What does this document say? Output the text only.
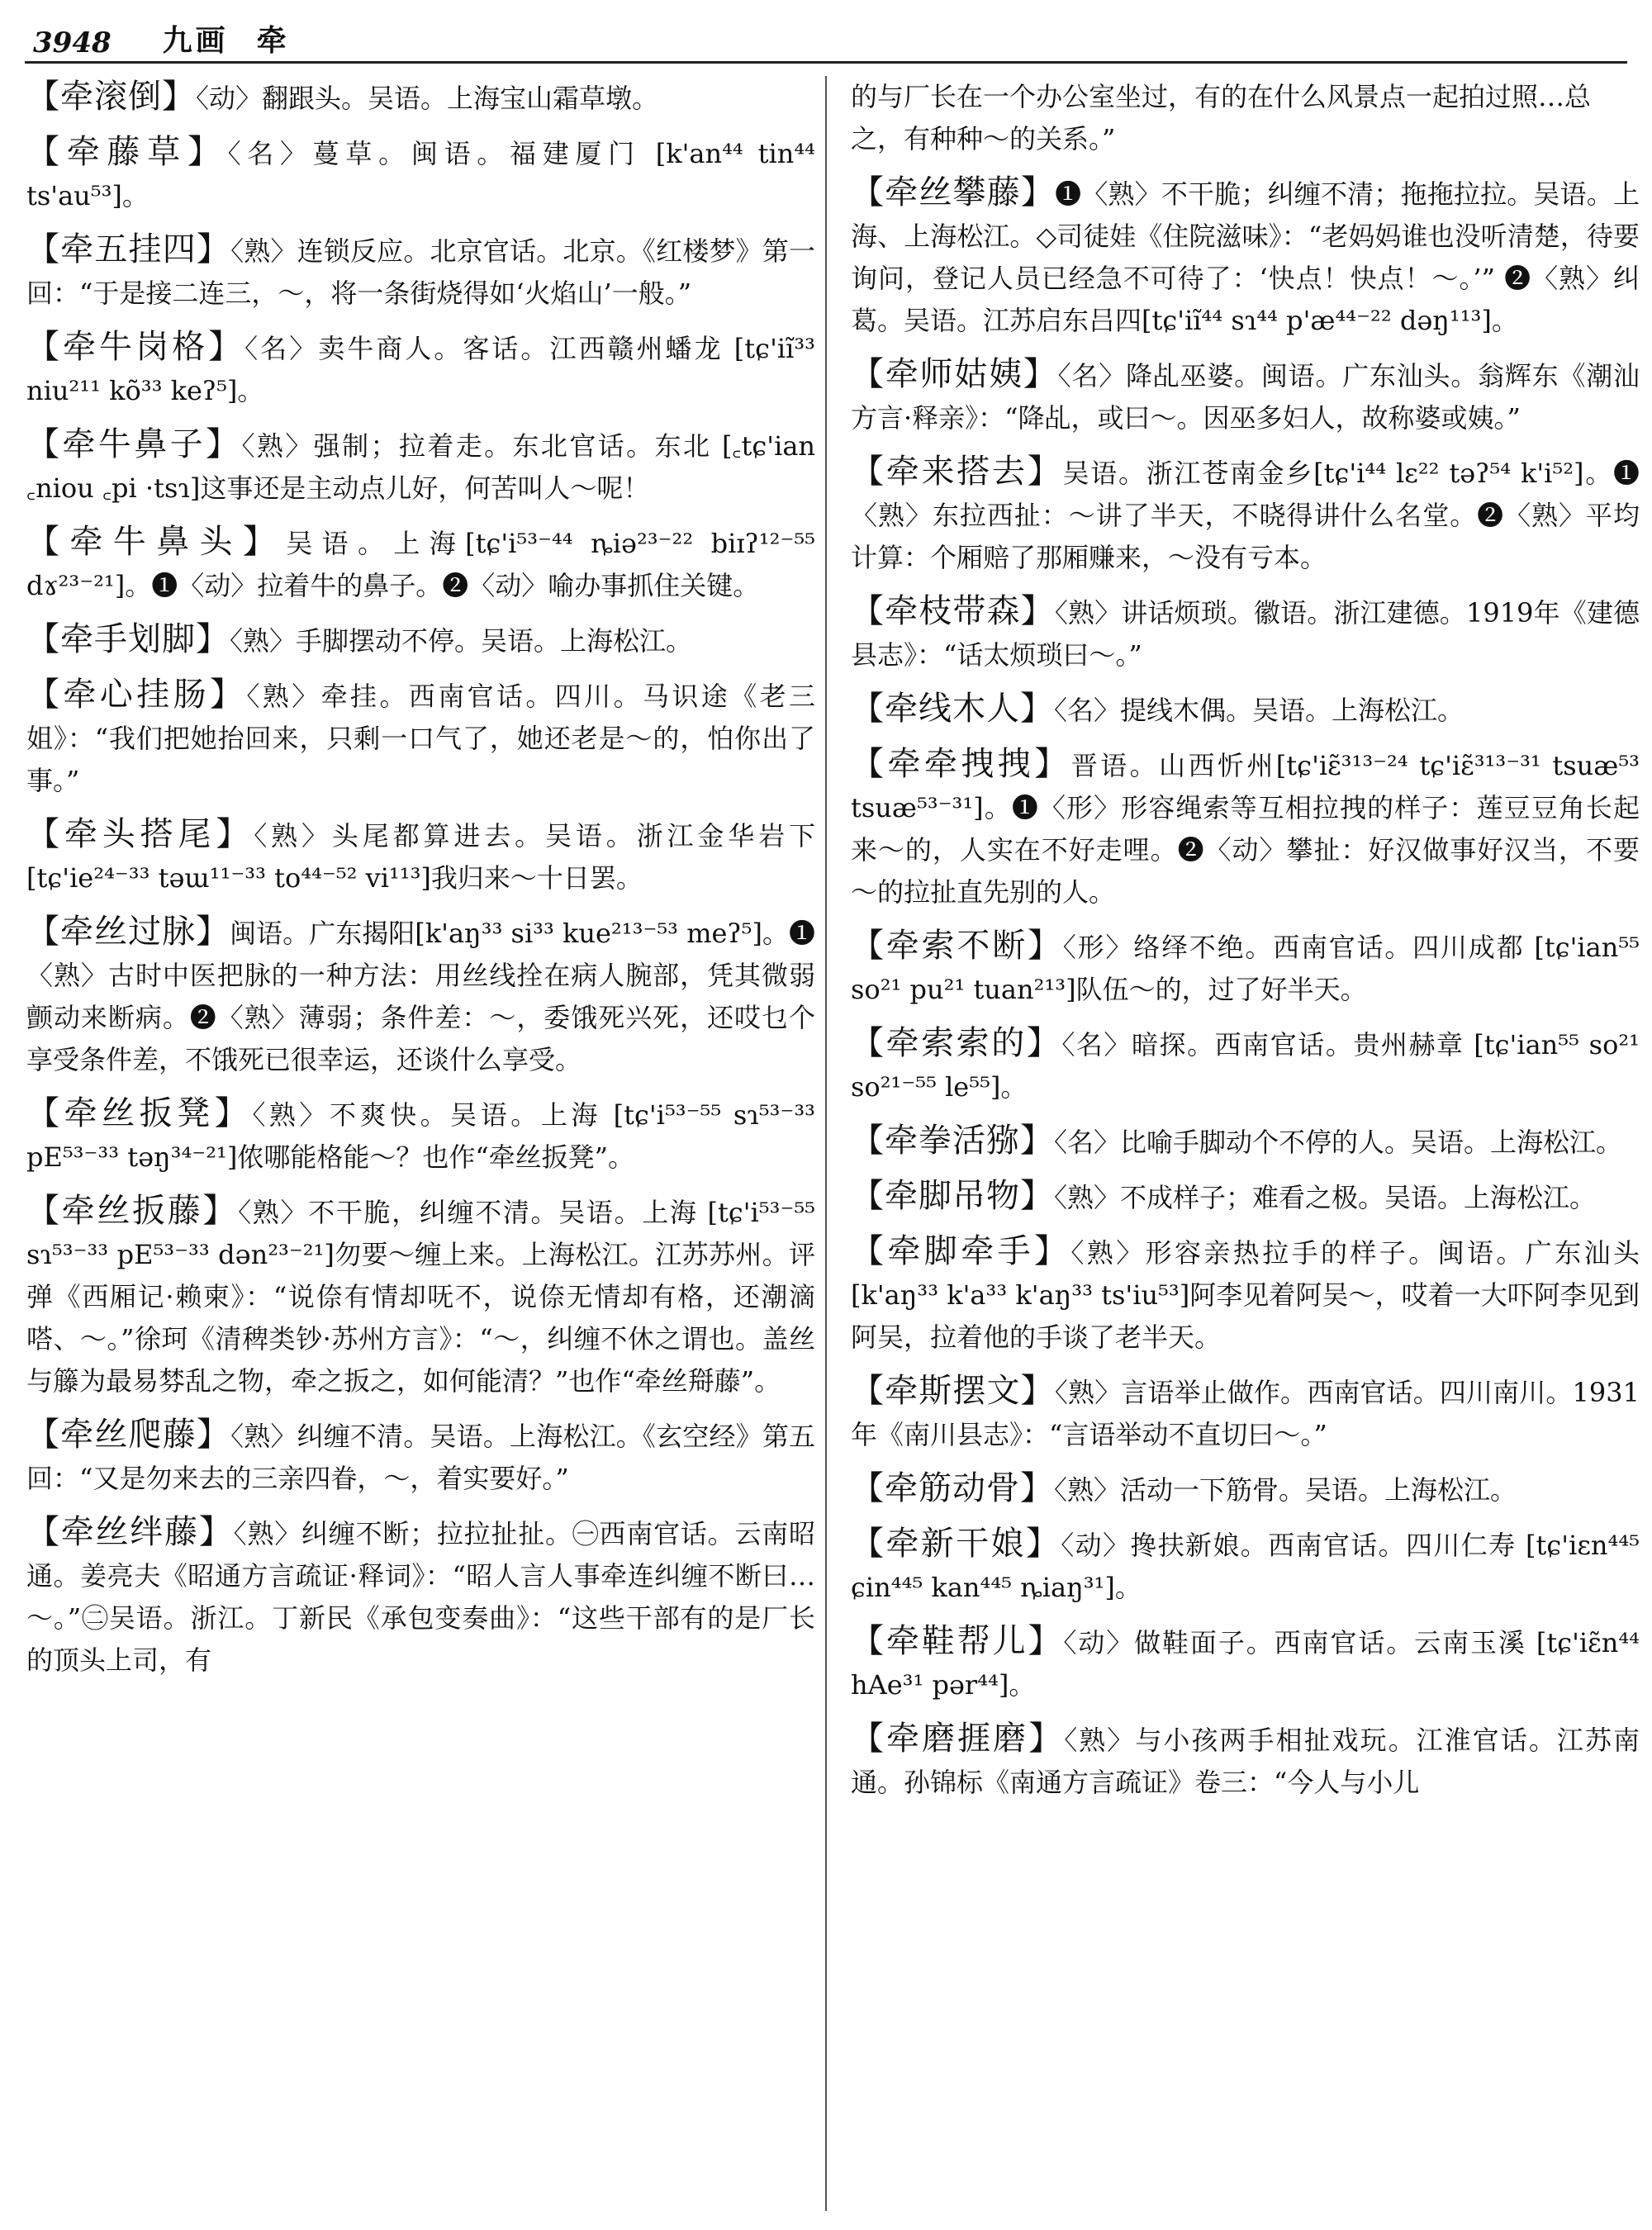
3948 九画 牵
【牵滚倒】〈动〉翻跟头。吴语。上海宝山霜草墩。
【牵藤草】〈名〉蔓草。闽语。福建厦门 [k'an⁴⁴ tin⁴⁴ ts'au⁵³]。
【牵五挂四】〈熟〉连锁反应。北京官话。北京。《红楼梦》第一回：“于是接二连三，～，将一条街烧得如‘火焰山’一般。”
【牵牛岗格】〈名〉卖牛商人。客话。江西赣州蟠龙 [tɕ'iĩ³³ niu²¹¹ kõ³³ keʔ⁵]。
【牵牛鼻子】〈熟〉强制；拉着走。东北官话。东北 [꜀tɕ'ian ꜀niou ꜀pi ·tsɿ]这事还是主动点儿好，何苦叫人～呢！
【牵牛鼻头】吴语。上海[tɕ'i⁵³⁻⁴⁴ ȵiə²³⁻²² biɪʔ¹²⁻⁵⁵ dɤ²³⁻²¹]。❶〈动〉拉着牛的鼻子。❷〈动〉喻办事抓住关键。
【牵手划脚】〈熟〉手脚摆动不停。吴语。上海松江。
【牵心挂肠】〈熟〉牵挂。西南官话。四川。马识途《老三姐》：“我们把她抬回来，只剩一口气了，她还老是～的，怕你出了事。”
【牵头搭尾】〈熟〉头尾都算进去。吴语。浙江金华岩下[tɕ'ie²⁴⁻³³ təɯ¹¹⁻³³ to⁴⁴⁻⁵² vi¹¹³]我归来～十日罢。
【牵丝过脉】闽语。广东揭阳[k'aŋ³³ si³³ kue²¹³⁻⁵³ meʔ⁵]。❶〈熟〉古时中医把脉的一种方法：用丝线拴在病人腕部，凭其微弱颤动来断病。❷〈熟〉薄弱；条件差：～，委饿死兴死，还哎乜个享受条件差，不饿死已很幸运，还谈什么享受。
【牵丝扳凳】〈熟〉不爽快。吴语。上海 [tɕ'i⁵³⁻⁵⁵ sɿ⁵³⁻³³ pE⁵³⁻³³ təŋ³⁴⁻²¹]侬哪能格能～？也作“牵丝扳凳”。
【牵丝扳藤】〈熟〉不干脆，纠缠不清。吴语。上海 [tɕ'i⁵³⁻⁵⁵ sɿ⁵³⁻³³ pE⁵³⁻³³ dən²³⁻²¹]勿要～缠上来。上海松江。江苏苏州。评弹《西厢记·赖柬》：“说倷有情却呒不，说倷无情却有格，还潮滴嗒、～。”徐珂《清稗类钞·苏州方言》：“～，纠缠不休之谓也。盖丝与籐为最易棼乱之物，牵之扳之，如何能清？”也作“牵丝搿藤”。
【牵丝爬藤】〈熟〉纠缠不清。吴语。上海松江。《玄空经》第五回：“又是勿来去的三亲四眷，～，着实要好。”
【牵丝绊藤】〈熟〉纠缠不断；拉拉扯扯。㊀西南官话。云南昭通。姜亮夫《昭通方言疏证·释词》：“昭人言人事牵连纠缠不断曰…～。”㊁吴语。浙江。丁新民《承包变奏曲》：“这些干部有的是厂长的顶头上司，有
的与厂长在一个办公室坐过，有的在什么风景点一起拍过照…总之，有种种～的关系。”
【牵丝攀藤】❶〈熟〉不干脆；纠缠不清；拖拖拉拉。吴语。上海、上海松江。◇司徒娃《住院滋味》：“老妈妈谁也没听清楚，待要询问，登记人员已经急不可待了：‘快点！快点！～。’” ❷〈熟〉纠葛。吴语。江苏启东吕四[tɕ'iĩ⁴⁴ sɿ⁴⁴ p'æ⁴⁴⁻²² dəŋ¹¹³]。
【牵师姑姨】〈名〉降乩巫婆。闽语。广东汕头。翁辉东《潮汕方言·释亲》：“降乩，或曰～。因巫多妇人，故称婆或姨。”
【牵来搭去】吴语。浙江苍南金乡[tɕ'i⁴⁴ lɛ²² təʔ⁵⁴ k'i⁵²]。❶〈熟〉东拉西扯：～讲了半天，不晓得讲什么名堂。❷〈熟〉平均计算：个厢赔了那厢赚来，～没有亏本。
【牵枝带森】〈熟〉讲话烦琐。徽语。浙江建德。1919年《建德县志》：“话太烦琐曰～。”
【牵线木人】〈名〉提线木偶。吴语。上海松江。
【牵牵拽拽】晋语。山西忻州[tɕ'iɛ̃³¹³⁻²⁴ tɕ'iɛ̃³¹³⁻³¹ tsuæ⁵³ tsuæ⁵³⁻³¹]。❶〈形〉形容绳索等互相拉拽的样子：莲豆豆角长起来～的，人实在不好走哩。❷〈动〉攀扯：好汉做事好汉当，不要～的拉扯直先别的人。
【牵索不断】〈形〉络绎不绝。西南官话。四川成都 [tɕ'ian⁵⁵ so²¹ pu²¹ tuan²¹³]队伍～的，过了好半天。
【牵索索的】〈名〉暗探。西南官话。贵州赫章 [tɕ'ian⁵⁵ so²¹ so²¹⁻⁵⁵ le⁵⁵]。
【牵拳活猕】〈名〉比喻手脚动个不停的人。吴语。上海松江。
【牵脚吊物】〈熟〉不成样子；难看之极。吴语。上海松江。
【牵脚牵手】〈熟〉形容亲热拉手的样子。闽语。广东汕头 [k'aŋ³³ k'a³³ k'aŋ³³ ts'iu⁵³]阿李见着阿吴～，哎着一大吓阿李见到阿吴，拉着他的手谈了老半天。
【牵斯摆文】〈熟〉言语举止做作。西南官话。四川南川。1931年《南川县志》：“言语举动不直切曰～。”
【牵筋动骨】〈熟〉活动一下筋骨。吴语。上海松江。
【牵新干娘】〈动〉搀扶新娘。西南官话。四川仁寿 [tɕ'iɛn⁴⁴⁵ ɕin⁴⁴⁵ kan⁴⁴⁵ ȵiaŋ³¹]。
【牵鞋帮儿】〈动〉做鞋面子。西南官话。云南玉溪 [tɕ'iɛ̃n⁴⁴ hAe³¹ pər⁴⁴]。
【牵磨捱磨】〈熟〉与小孩两手相扯戏玩。江淮官话。江苏南通。孙锦标《南通方言疏证》卷三：“今人与小儿
